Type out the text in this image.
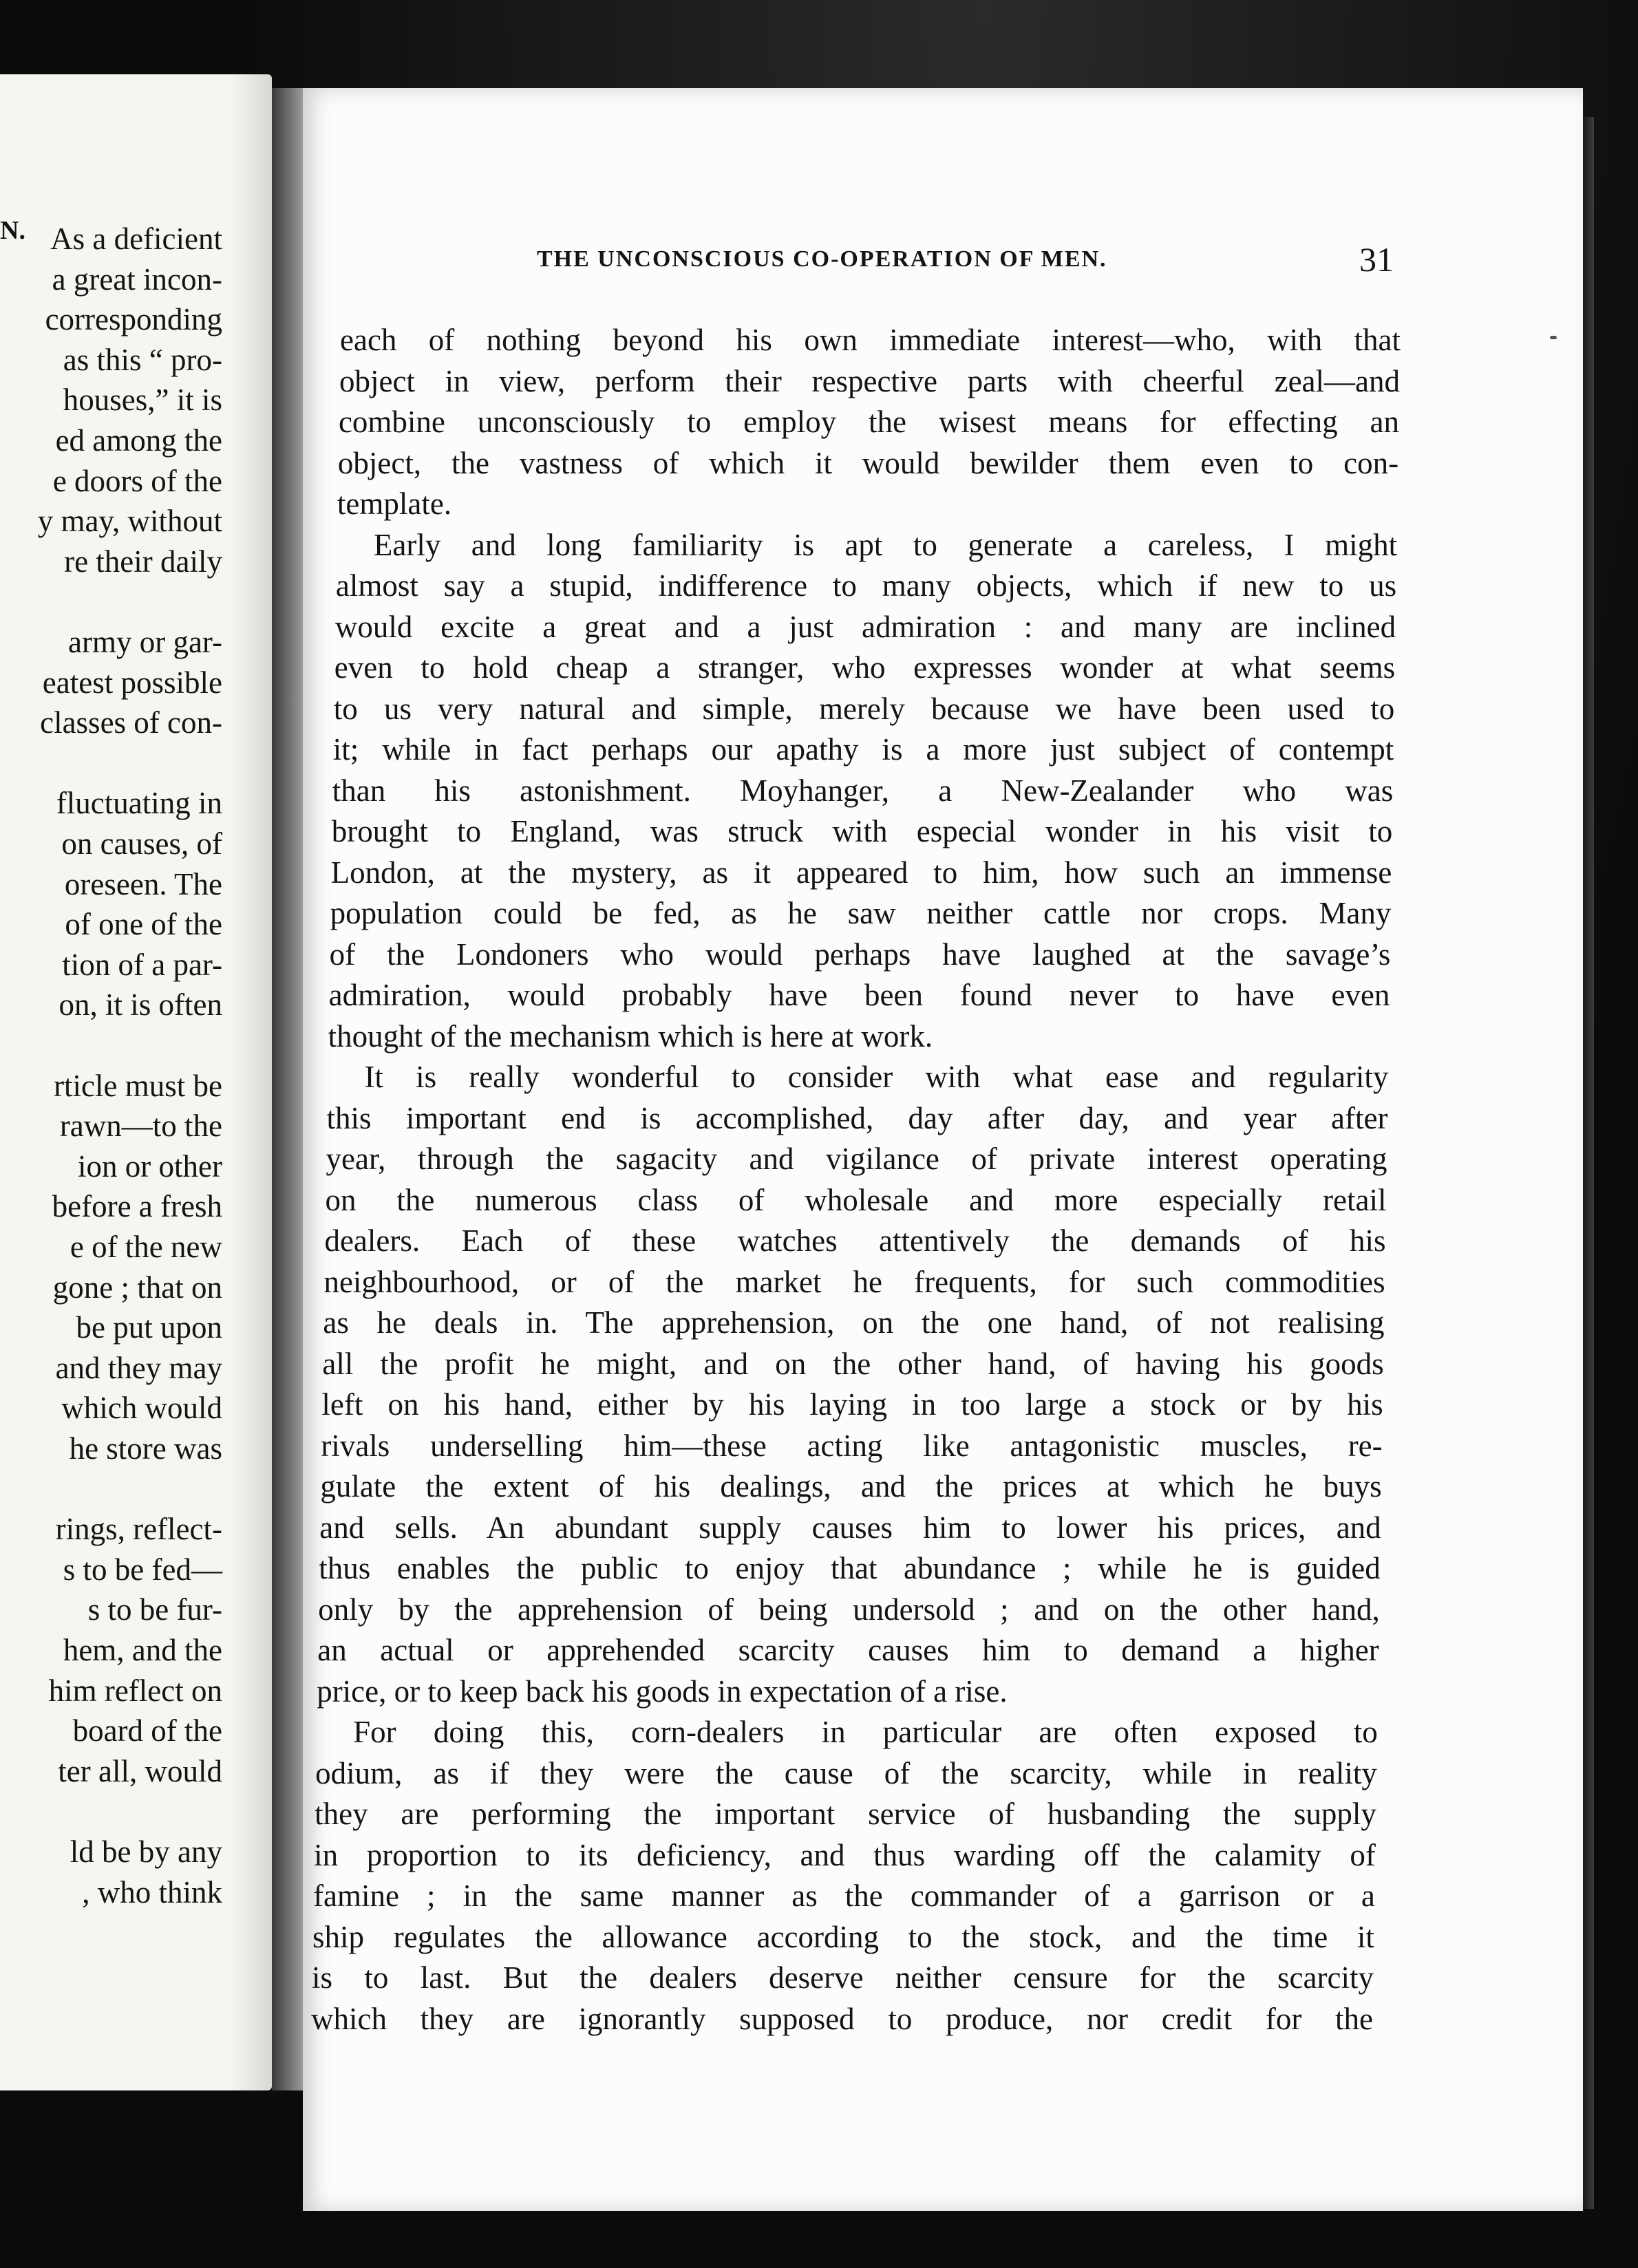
N. As a deficient
a great incon-
corresponding
as this “ pro-
houses,” it is
ed among the
e doors of the
y may, without
re their daily
army or gar-
eatest possible
classes of con-
fluctuating in
on causes, of
oreseen. The
of one of the
tion of a par-
on, it is often
rticle must be
rawn—to the
ion or other
before a fresh
e of the new
gone ; that on
be put upon
and they may
which would
he store was
rings, reflect-
s to be fed—
s to be fur-
hem, and the
him reflect on
board of the
ter all, would
ld be by any
, who think
THE UNCONSCIOUS CO-OPERATION OF MEN.	31
each of nothing beyond his own immediate interest—who, with that
object in view, perform their respective parts with cheerful zeal—and
combine unconsciously to employ the wisest means for effecting an
object, the vastness of which it would bewilder them even to con-
template.
Early and long familiarity is apt to generate a careless, I might
almost say a stupid, indifference to many objects, which if new to us
would excite a great and a just admiration : and many are inclined
even to hold cheap a stranger, who expresses wonder at what seems
to us very natural and simple, merely because we have been used to
it; while in fact perhaps our apathy is a more just subject of contempt
than his astonishment. Moyhanger, a New-Zealander who was
brought to England, was struck with especial wonder in his visit to
London, at the mystery, as it appeared to him, how such an immense
population could be fed, as he saw neither cattle nor crops. Many
of the Londoners who would perhaps have laughed at the savage’s
admiration, would probably have been found never to have even
thought of the mechanism which is here at work.
It is really wonderful to consider with what ease and regularity
this important end is accomplished, day after day, and year after
year, through the sagacity and vigilance of private interest operating
on the numerous class of wholesale and more especially retail
dealers. Each of these watches attentively the demands of his
neighbourhood, or of the market he frequents, for such commodities
as he deals in. The apprehension, on the one hand, of not realising
all the profit he might, and on the other hand, of having his goods
left on his hand, either by his laying in too large a stock or by his
rivals underselling him—these acting like antagonistic muscles, re-
gulate the extent of his dealings, and the prices at which he buys
and sells. An abundant supply causes him to lower his prices, and
thus enables the public to enjoy that abundance ; while he is guided
only by the apprehension of being undersold ; and on the other hand,
an actual or apprehended scarcity causes him to demand a higher
price, or to keep back his goods in expectation of a rise.
For doing this, corn-dealers in particular are often exposed to
odium, as if they were the cause of the scarcity, while in reality
they are performing the important service of husbanding the supply
in proportion to its deficiency, and thus warding off the calamity of
famine ; in the same manner as the commander of a garrison or a
ship regulates the allowance according to the stock, and the time it
is to last. But the dealers deserve neither censure for the scarcity
which they are ignorantly supposed to produce, nor credit for the
